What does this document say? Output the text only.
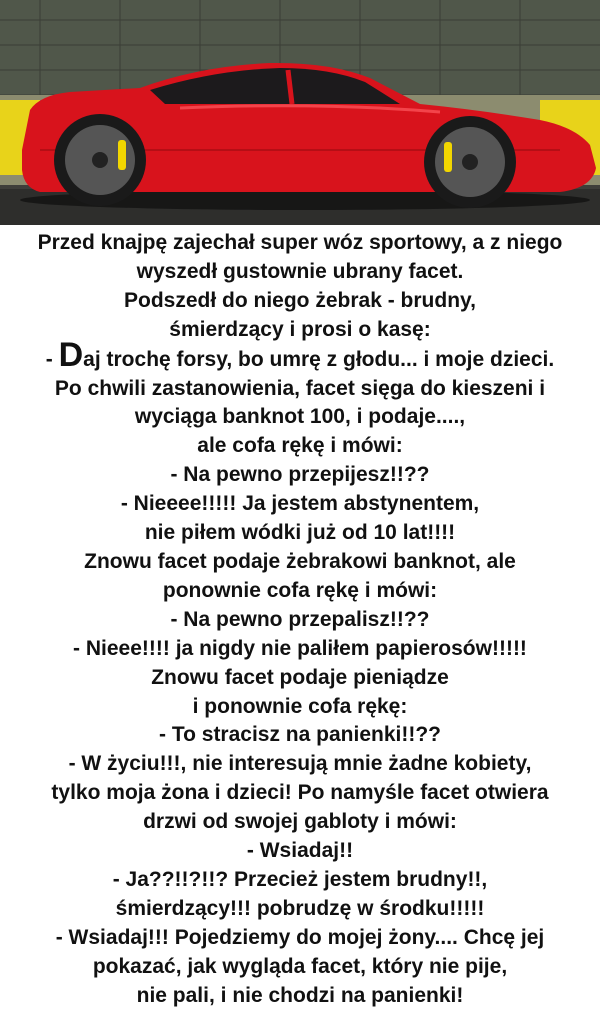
Przed knajpę zajechał super wóz sportowy, a z niego
wyszedł gustownie ubrany facet.
Podszedł do niego żebrak - brudny,
śmierdzący i prosi o kasę:
- Daj trochę forsy, bo umrę z głodu... i moje dzieci.
Po chwili zastanowienia, facet sięga do kieszeni i
wyciąga banknot 100, i podaje....,
ale cofa rękę i mówi:
- Na pewno przepijesz!!??
- Nieeee!!!!! Ja jestem abstynentem,
nie piłem wódki już od 10 lat!!!!
Znowu facet podaje żebrakowi banknot, ale
ponownie cofa rękę i mówi:
- Na pewno przepalisz!!??
- Nieee!!!! ja nigdy nie paliłem papierosów!!!!!
Znowu facet podaje pieniądze
i ponownie cofa rękę:
- To stracisz na panienki!!??
- W życiu!!!, nie interesują mnie żadne kobiety,
tylko moja żona i dzieci! Po namyśle facet otwiera
drzwi od swojej gabloty i mówi:
- Wsiadaj!!
- Ja??!!?!!? Przecież jestem brudny!!,
śmierdzący!!! pobrudzę w środku!!!!!
- Wsiadaj!!! Pojedziemy do mojej żony.... Chcę jej
pokazać, jak wygląda facet, który nie pije,
nie pali, i nie chodzi na panienki!
